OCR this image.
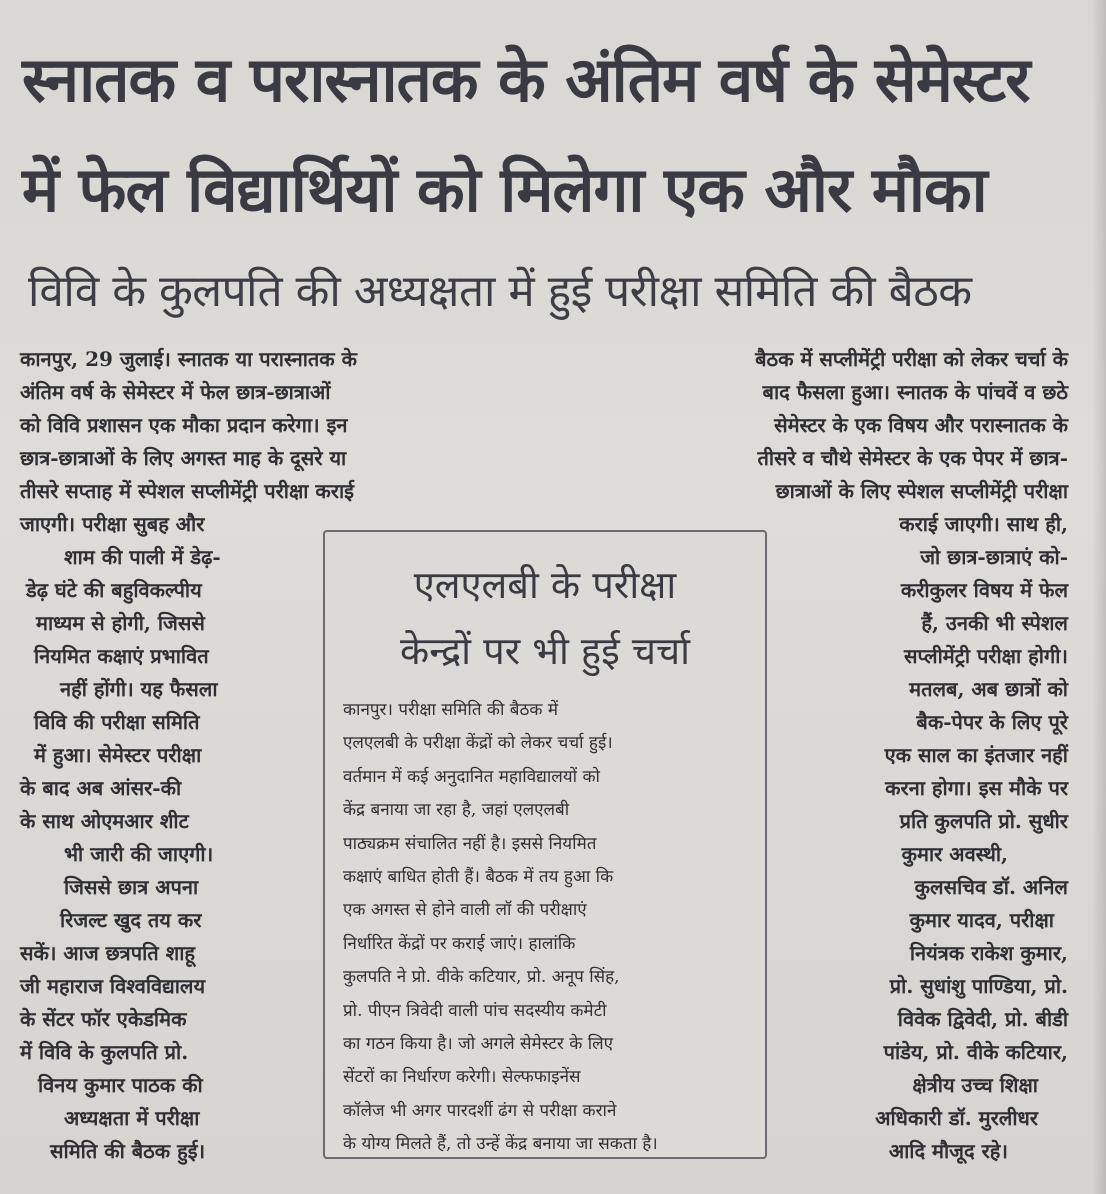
स्नातक व परास्नातक के अंतिम वर्ष के सेमेस्टर
में फेल विद्यार्थियों को मिलेगा एक और मौका
विवि के कुलपति की अध्यक्षता में हुई परीक्षा समिति की बैठक

कानपुर, 29 जुलाई। स्नातक या परास्नातक के

अंतिम वर्ष के सेमेस्टर में फेल छात्र-छात्राओं

को विवि प्रशासन एक मौका प्रदान करेगा। इन

छात्र-छात्राओं के लिए अगस्त माह के दूसरे या

तीसरे सप्ताह में स्पेशल सप्लीमेंट्री परीक्षा कराई

जाएगी। परीक्षा सुबह और

शाम की पाली में डेढ़-

डेढ़ घंटे की बहुविकल्पीय

माध्यम से होगी, जिससे

नियमित कक्षाएं प्रभावित

नहीं होंगी। यह फैसला

विवि की परीक्षा समिति

में हुआ। सेमेस्टर परीक्षा

के बाद अब आंसर-की

के साथ ओएमआर शीट

भी जारी की जाएगी।

जिससे छात्र अपना

रिजल्ट खुद तय कर

सकें। आज छत्रपति शाहू

जी महाराज विश्वविद्यालय

के सेंटर फॉर एकेडमिक

में विवि के कुलपति प्रो.

विनय कुमार पाठक की

अध्यक्षता में परीक्षा

समिति की बैठक हुई।

बैठक में सप्लीमेंट्री परीक्षा को लेकर चर्चा के

बाद फैसला हुआ। स्नातक के पांचवें व छठे

सेमेस्टर के एक विषय और परास्नातक के

तीसरे व चौथे सेमेस्टर के एक पेपर में छात्र-

छात्राओं के लिए स्पेशल सप्लीमेंट्री परीक्षा

कराई जाएगी। साथ ही,

जो छात्र-छात्राएं को-

करीकुलर विषय में फेल

हैं, उनकी भी स्पेशल

सप्लीमेंट्री परीक्षा होगी।

मतलब, अब छात्रों को

बैक-पेपर के लिए पूरे

एक साल का इंतजार नहीं

करना होगा। इस मौके पर

प्रति कुलपति प्रो. सुधीर

कुमार अवस्थी,

कुलसचिव डॉ. अनिल

कुमार यादव, परीक्षा

नियंत्रक राकेश कुमार,

प्रो. सुधांशु पाण्डिया, प्रो.

विवेक द्विवेदी, प्रो. बीडी

पांडेय, प्रो. वीके कटियार,

क्षेत्रीय उच्च शिक्षा

अधिकारी डॉ. मुरलीधर

आदि मौजूद रहे।

एलएलबी के परीक्षा
केन्द्रों पर भी हुई चर्चा

कानपुर। परीक्षा समिति की बैठक में

एलएलबी के परीक्षा केंद्रों को लेकर चर्चा हुई।

वर्तमान में कई अनुदानित महाविद्यालयों को

केंद्र बनाया जा रहा है, जहां एलएलबी

पाठ्यक्रम संचालित नहीं है। इससे नियमित

कक्षाएं बाधित होती हैं। बैठक में तय हुआ कि

एक अगस्त से होने वाली लॉ की परीक्षाएं

निर्धारित केंद्रों पर कराई जाएं। हालांकि

कुलपति ने प्रो. वीके कटियार, प्रो. अनूप सिंह,

प्रो. पीएन त्रिवेदी वाली पांच सदस्यीय कमेटी

का गठन किया है। जो अगले सेमेस्टर के लिए

सेंटरों का निर्धारण करेगी। सेल्फफाइनेंस

कॉलेज भी अगर पारदर्शी ढंग से परीक्षा कराने

के योग्य मिलते हैं, तो उन्हें केंद्र बनाया जा सकता है।
